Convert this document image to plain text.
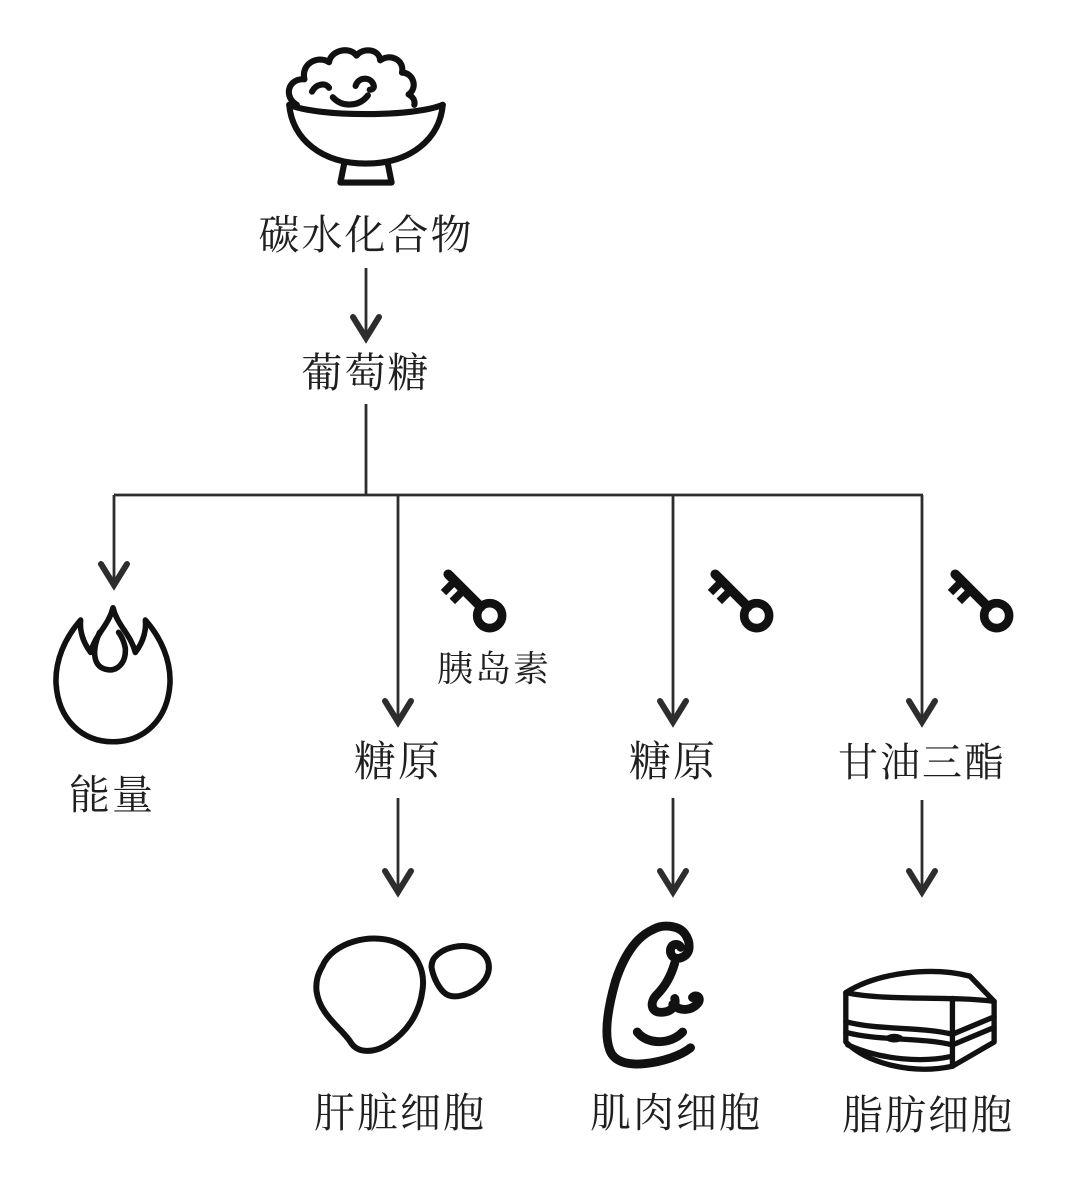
碳水化合物
葡萄糖
能量
胰岛素
糖原	糖原	甘油三酯
肝脏细胞	肌肉细胞	脂肪细胞
